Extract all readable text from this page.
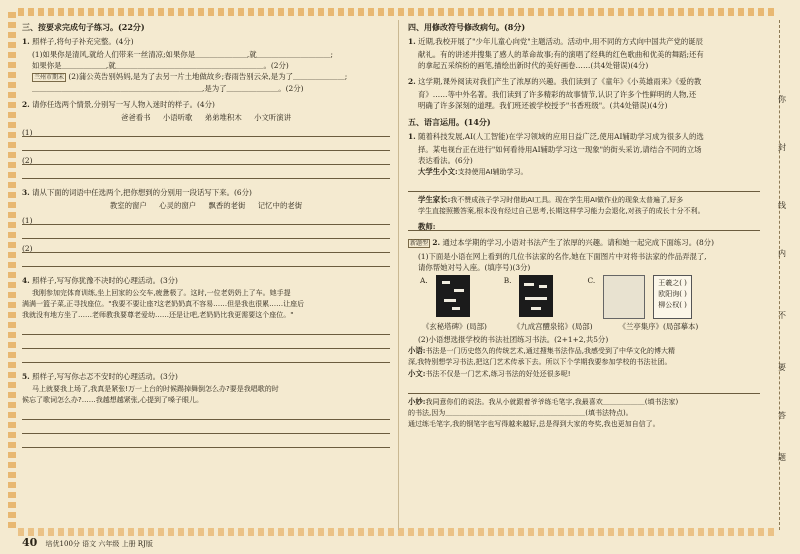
三、按要求完成句子练习。(22分)
1. 照样子,将句子补充完整。(4分)
(1)如果你是清风,就给人们带来一丝清凉;如果你是＿＿＿＿＿＿＿,就＿＿＿＿＿＿＿＿＿＿;
如果你是＿＿＿＿＿＿,就＿＿＿＿＿＿＿＿＿＿＿＿＿＿＿＿＿＿＿＿。(2分)
兰州市期末 (2)蒲公英告别妈妈,是为了去另一片土地做故乡;春雨告别云朵,是为了＿＿＿＿＿＿＿;
＿＿＿＿＿＿＿＿＿＿＿＿＿＿＿＿＿＿＿＿＿＿＿,是为了＿＿＿＿＿＿＿。(2分)
2. 请你任选两个情景,分别写一写人物入迷时的样子。(4分)
爸爸看书 小语听歌 弟弟堆积木 小文听演讲
(1)
(2)
3. 请从下面的词语中任选两个,把你想到的分别用一段话写下来。(6分)
教室的窗户 心灵的窗户 飘香的老街 记忆中的老街
(1)
(2)
4. 照样子,写写你犹豫不决时的心理活动。(3分)
我刚参加完体育训练,坐上回家的公交车,疲惫极了。这时,一位老奶奶上了车。她手提
满满一篮子菜,正寻找座位。"我要不要让座?这老奶奶真不容易……但是我也很累……让座后
我就没有地方坐了……老师教我要尊老爱幼……还是让吧,老奶奶比我更需要这个座位。"
5. 照样子,写写你忐忑不安时的心理活动。(3分)
马上就要我上场了,我真是紧张!万一上台的时候踢掉舞倒怎么办?要是我唱歌的时
候忘了歌词怎么办?……我越想越紧张,心提到了嗓子眼儿。
四、用修改符号修改病句。(8分)
1. 近期,我校开展了"少年儿童心向党"主题活动。活动中,用不同的方式向中国共产党的诞辰
献礼。有的讲述并搜集了感人的革命故事;有的演唱了经典的红色歌曲和优美的舞蹈;还有
的拿起五采缤纷的画笔,描绘出新时代的美好画卷……(共4处错误)(4分)
2. 这学期,课外阅读对我们产生了浓厚的兴趣。我们读到了《童年》《小英雄雨来》《爱的教
育》……等中外名著。我们读到了许多精彩的故事情节,认识了许多个性鲜明的人物,还
明确了许多深刻的道理。我们班还被学校授予"书香班级"。(共4处错误)(4分)
五、语言运用。(14分)
1. 随着科技发展,AI(人工智能)在学习领域的应用日益广泛,使用AI辅助学习成为很多人的选
择。某电视台正在进行"如何看待用AI辅助学习这一现象"的街头采访,请结合不同的立场
表达看法。(6分)
大学生小文:支持使用AI辅助学习。
学生家长:我不赞成孩子学习时借助AI工具。现在学生用AI做作业的现象太普遍了,好多
学生直接照搬答案,根本没有经过自己思考,长期这样学习能力会退化,对孩子的成长十分不利。
教师:
新题型 2. 通过本学期的学习,小语对书法产生了浓厚的兴趣。请和她一起完成下面练习。(8分)
(1)下面是小语在网上看到的几位书法家的名作,她在下面图片中对将书法家的作品弄混了,
请你帮她对号入座。(填序号)(3分)
A.	B.	C.	王羲之( )
欧阳询( )
柳公权( )
《玄秘塔碑》(局部)	《九成宫醴泉铭》(局部)	《兰亭集序》(局部摹本)
(2)小语想选报学校的书法社团练习书法。(2+1+2,共5分)
小语:书法是一门历史悠久的传统艺术,通过搜集书法作品,我感受到了中华文化的博大精
深,我特别想学习书法,把这门艺术传承下去。所以下个学期我要参加学校的书法社团。
小文:书法不仅是一门艺术,练习书法的好处还很多呢!
小妙:我同意你们的说法。我从小就跟着爷爷练毛笔字,我最喜欢＿＿＿＿＿＿(填书法家)
的书法,因为＿＿＿＿＿＿＿＿＿＿＿＿＿＿＿＿＿＿＿＿(填书法特点)。
通过练毛笔字,我的钢笔字也写得越来越好,总是得到大家的夸奖,我也更加自信了。
你
封
线
内
不
要
答
题
40 培优100分 语文 六年级 上册 RJ版
